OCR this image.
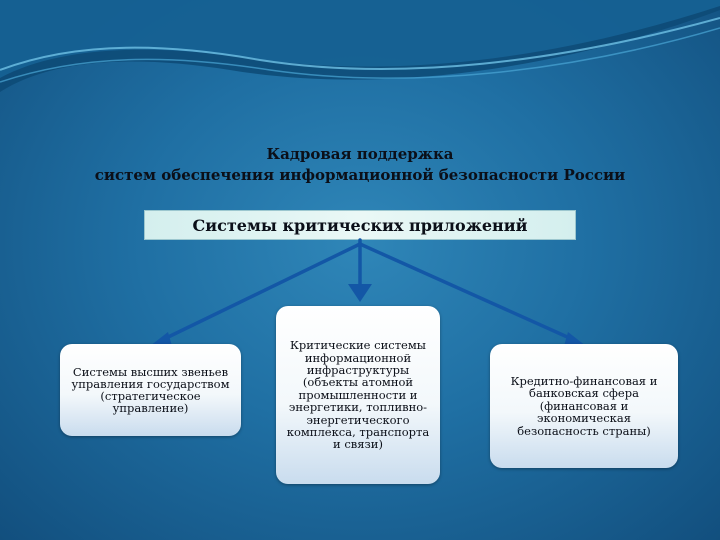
Кадровая поддержка
систем обеспечения информационной безопасности России
Системы критических приложений
Системы высших звеньев управления государством (стратегическое управление)
Критические системы информационной инфраструктуры (объекты атомной промышленности и энергетики, топливно-энергетического комплекса, транспорта и связи)
Кредитно-финансовая и банковская сфера (финансовая и экономическая безопасность страны)
